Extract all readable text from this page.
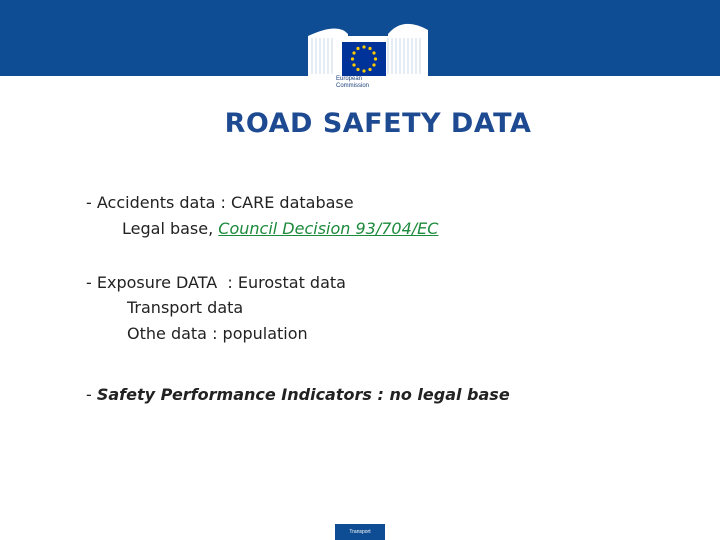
European
Commission
ROAD SAFETY DATA
- Accidents data : CARE database
Legal base, Council Decision 93/704/EC
- Exposure DATA  : Eurostat data
Transport data
Othe data : population
- Safety Performance Indicators : no legal base
Transport
